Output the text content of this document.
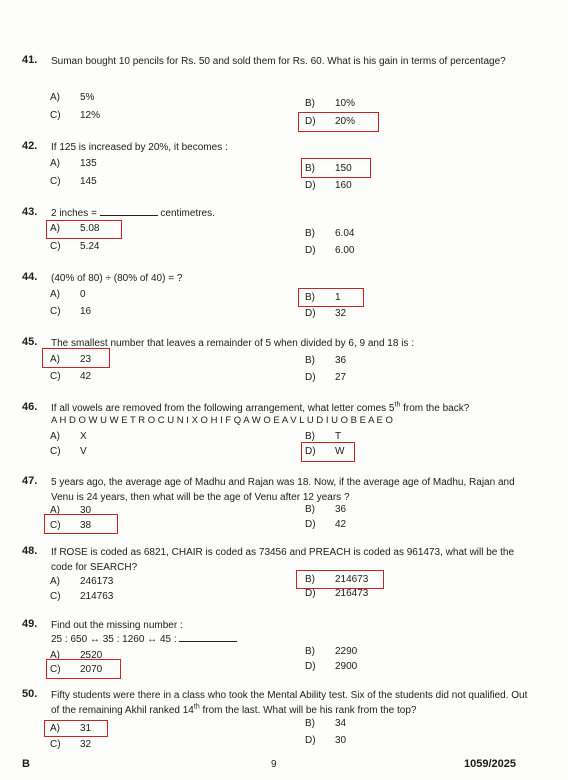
41. Suman bought 10 pencils for Rs. 50 and sold them for Rs. 60. What is his gain in terms of percentage?
A) 5%
B) 10%
C) 12%
D) 20%
42. If 125 is increased by 20%, it becomes :
A) 135	B) 150
C) 145	D) 160
43. 2 inches =	centimetres.
A) 5.08	B) 6.04
C) 5.24	D) 6.00
44. (40% of 80) ÷ (80% of 40) = ?
A) 0	B) 1
C) 16	D) 32
45. The smallest number that leaves a remainder of 5 when divided by 6, 9 and 18 is :
A) 23	B) 36
C) 42	D) 27
46. If all vowels are removed from the following arrangement, what letter comes 5th from the back?
A H D O W U W E T R O C U N I X O H I F Q A W O E A V L U D I U O B E A E O
A) X	B) T
C) V	D) W
47. 5 years ago, the average age of Madhu and Rajan was 18. Now, if the average age of Madhu, Rajan and Venu is 24 years, then what will be the age of Venu after 12 years ?
A) 30	B) 36
C) 38	D) 42
48. If ROSE is coded as 6821, CHAIR is coded as 73456 and PREACH is coded as 961473, what will be the code for SEARCH?
A) 246173	B) 214673
C) 214763	D) 216473
49. Find out the missing number :
25 : 650 ↔ 35 : 1260 ↔ 45 :
A) 2520	B) 2290
C) 2070	D) 2900
50. Fifty students were there in a class who took the Mental Ability test. Six of the students did not qualified. Out of the remaining Akhil ranked 14th from the last. What will be his rank from the top?
A) 31	B) 34
C) 32	D) 30
B	9	1059/2025
